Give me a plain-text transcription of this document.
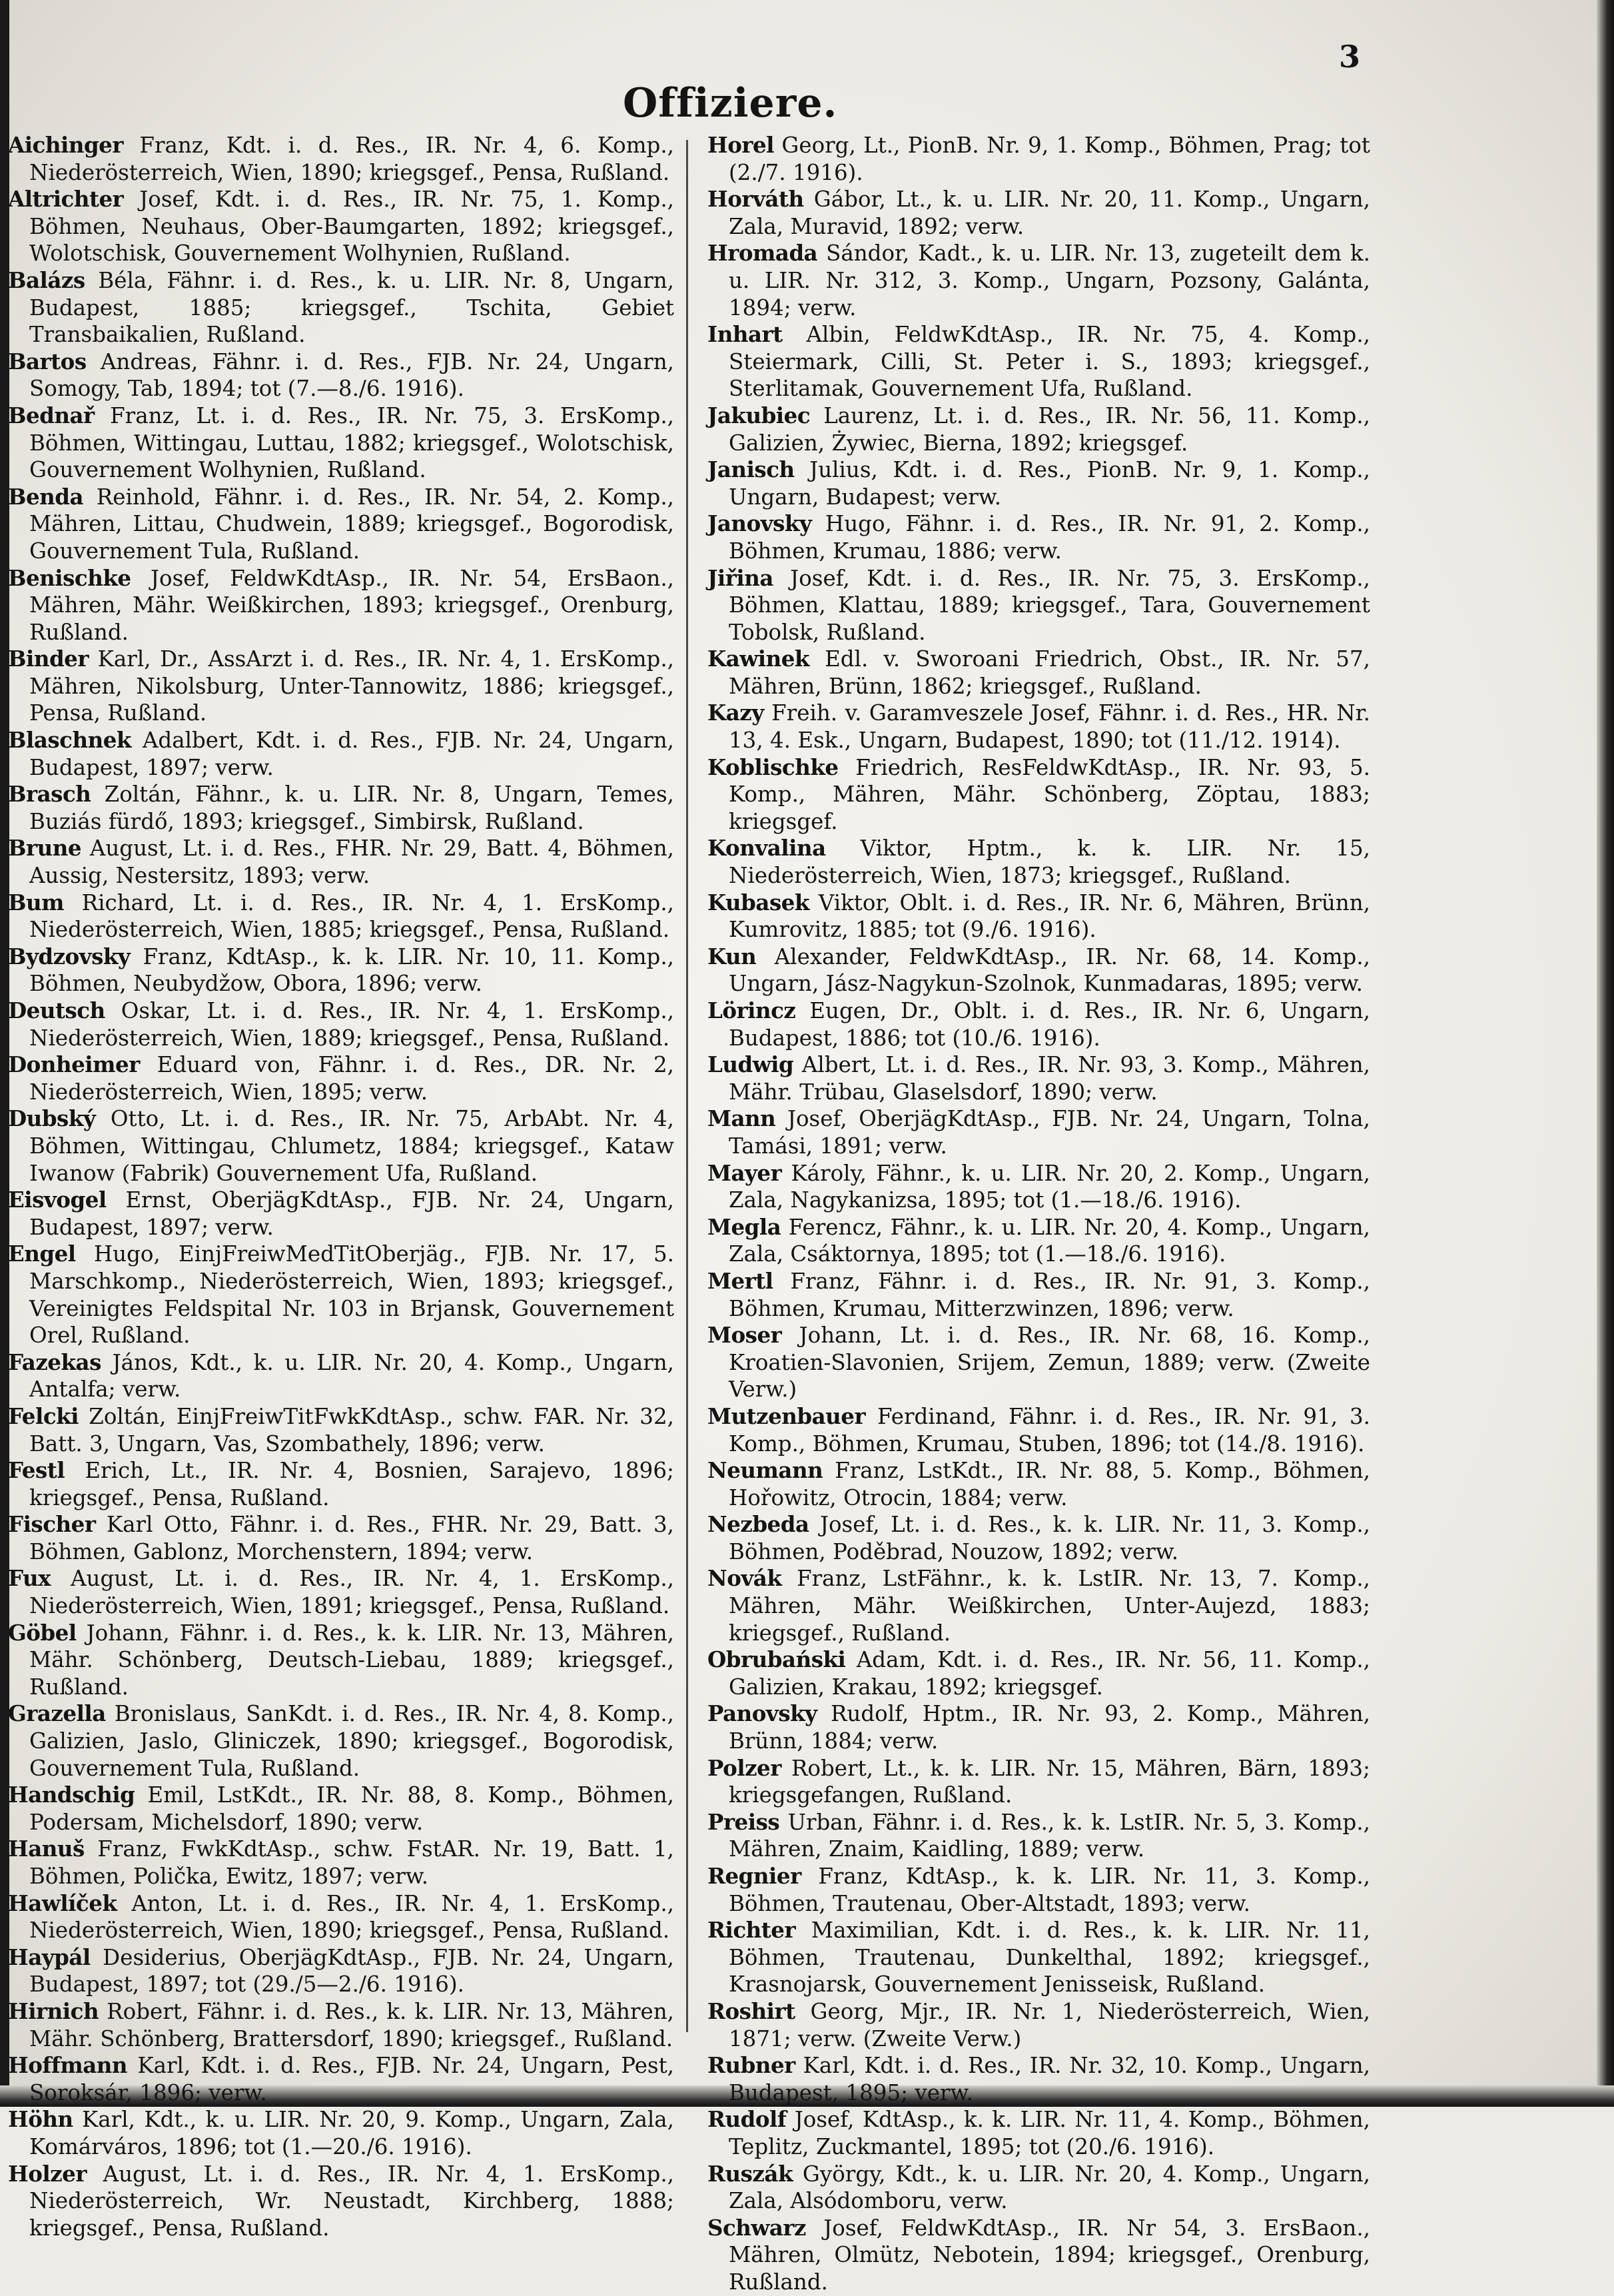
3
Offiziere.
Aichinger Franz, Kdt. i. d. Res., IR. Nr. 4, 6. Komp., Niederösterreich, Wien, 1890; kriegsgef., Pensa, Rußland.
Altrichter Josef, Kdt. i. d. Res., IR. Nr. 75, 1. Komp., Böhmen, Neuhaus, Ober-Baumgarten, 1892; kriegsgef., Wolotschisk, Gouvernement Wolhynien, Rußland.
Balázs Béla, Fähnr. i. d. Res., k. u. LIR. Nr. 8, Ungarn, Budapest, 1885; kriegsgef., Tschita, Gebiet Transbaikalien, Rußland.
Bartos Andreas, Fähnr. i. d. Res., FJB. Nr. 24, Ungarn, Somogy, Tab, 1894; tot (7.—8./6. 1916).
Bednař Franz, Lt. i. d. Res., IR. Nr. 75, 3. ErsKomp., Böhmen, Wittingau, Luttau, 1882; kriegsgef., Wolotschisk, Gouvernement Wolhynien, Rußland.
Benda Reinhold, Fähnr. i. d. Res., IR. Nr. 54, 2. Komp., Mähren, Littau, Chudwein, 1889; kriegsgef., Bogorodisk, Gouvernement Tula, Rußland.
Benischke Josef, FeldwKdtAsp., IR. Nr. 54, ErsBaon., Mähren, Mähr. Weißkirchen, 1893; kriegsgef., Orenburg, Rußland.
Binder Karl, Dr., AssArzt i. d. Res., IR. Nr. 4, 1. ErsKomp., Mähren, Nikolsburg, Unter-Tannowitz, 1886; kriegsgef., Pensa, Rußland.
Blaschnek Adalbert, Kdt. i. d. Res., FJB. Nr. 24, Ungarn, Budapest, 1897; verw.
Brasch Zoltán, Fähnr., k. u. LIR. Nr. 8, Ungarn, Temes, Buziás fürdő, 1893; kriegsgef., Simbirsk, Rußland.
Brune August, Lt. i. d. Res., FHR. Nr. 29, Batt. 4, Böhmen, Aussig, Nestersitz, 1893; verw.
Bum Richard, Lt. i. d. Res., IR. Nr. 4, 1. ErsKomp., Niederösterreich, Wien, 1885; kriegsgef., Pensa, Rußland.
Bydzovsky Franz, KdtAsp., k. k. LIR. Nr. 10, 11. Komp., Böhmen, Neubydžow, Obora, 1896; verw.
Deutsch Oskar, Lt. i. d. Res., IR. Nr. 4, 1. ErsKomp., Niederösterreich, Wien, 1889; kriegsgef., Pensa, Rußland.
Donheimer Eduard von, Fähnr. i. d. Res., DR. Nr. 2, Niederösterreich, Wien, 1895; verw.
Dubský Otto, Lt. i. d. Res., IR. Nr. 75, ArbAbt. Nr. 4, Böhmen, Wittingau, Chlumetz, 1884; kriegsgef., Kataw Iwanow (Fabrik) Gouvernement Ufa, Rußland.
Eisvogel Ernst, OberjägKdtAsp., FJB. Nr. 24, Ungarn, Budapest, 1897; verw.
Engel Hugo, EinjFreiwMedTitOberjäg., FJB. Nr. 17, 5. Marschkomp., Niederösterreich, Wien, 1893; kriegsgef., Vereinigtes Feldspital Nr. 103 in Brjansk, Gouvernement Orel, Rußland.
Fazekas János, Kdt., k. u. LIR. Nr. 20, 4. Komp., Ungarn, Antalfa; verw.
Felcki Zoltán, EinjFreiwTitFwkKdtAsp., schw. FAR. Nr. 32, Batt. 3, Ungarn, Vas, Szombathely, 1896; verw.
Festl Erich, Lt., IR. Nr. 4, Bosnien, Sarajevo, 1896; kriegsgef., Pensa, Rußland.
Fischer Karl Otto, Fähnr. i. d. Res., FHR. Nr. 29, Batt. 3, Böhmen, Gablonz, Morchenstern, 1894; verw.
Fux August, Lt. i. d. Res., IR. Nr. 4, 1. ErsKomp., Niederösterreich, Wien, 1891; kriegsgef., Pensa, Rußland.
Göbel Johann, Fähnr. i. d. Res., k. k. LIR. Nr. 13, Mähren, Mähr. Schönberg, Deutsch-Liebau, 1889; kriegsgef., Rußland.
Grazella Bronislaus, SanKdt. i. d. Res., IR. Nr. 4, 8. Komp., Galizien, Jaslo, Gliniczek, 1890; kriegsgef., Bogorodisk, Gouvernement Tula, Rußland.
Handschig Emil, LstKdt., IR. Nr. 88, 8. Komp., Böhmen, Podersam, Michelsdorf, 1890; verw.
Hanuš Franz, FwkKdtAsp., schw. FstAR. Nr. 19, Batt. 1, Böhmen, Polička, Ewitz, 1897; verw.
Hawlíček Anton, Lt. i. d. Res., IR. Nr. 4, 1. ErsKomp., Niederösterreich, Wien, 1890; kriegsgef., Pensa, Rußland.
Haypál Desiderius, OberjägKdtAsp., FJB. Nr. 24, Ungarn, Budapest, 1897; tot (29./5—2./6. 1916).
Hirnich Robert, Fähnr. i. d. Res., k. k. LIR. Nr. 13, Mähren, Mähr. Schönberg, Brattersdorf, 1890; kriegsgef., Rußland.
Hoffmann Karl, Kdt. i. d. Res., FJB. Nr. 24, Ungarn, Pest, Soroksár, 1896; verw.
Höhn Karl, Kdt., k. u. LIR. Nr. 20, 9. Komp., Ungarn, Zala, Komárváros, 1896; tot (1.—20./6. 1916).
Holzer August, Lt. i. d. Res., IR. Nr. 4, 1. ErsKomp., Niederösterreich, Wr. Neustadt, Kirchberg, 1888; kriegsgef., Pensa, Rußland.
Horel Georg, Lt., PionB. Nr. 9, 1. Komp., Böhmen, Prag; tot (2./7. 1916).
Horváth Gábor, Lt., k. u. LIR. Nr. 20, 11. Komp., Ungarn, Zala, Muravid, 1892; verw.
Hromada Sándor, Kadt., k. u. LIR. Nr. 13, zugeteilt dem k. u. LIR. Nr. 312, 3. Komp., Ungarn, Pozsony, Galánta, 1894; verw.
Inhart Albin, FeldwKdtAsp., IR. Nr. 75, 4. Komp., Steiermark, Cilli, St. Peter i. S., 1893; kriegsgef., Sterlitamak, Gouvernement Ufa, Rußland.
Jakubiec Laurenz, Lt. i. d. Res., IR. Nr. 56, 11. Komp., Galizien, Żywiec, Bierna, 1892; kriegsgef.
Janisch Julius, Kdt. i. d. Res., PionB. Nr. 9, 1. Komp., Ungarn, Budapest; verw.
Janovsky Hugo, Fähnr. i. d. Res., IR. Nr. 91, 2. Komp., Böhmen, Krumau, 1886; verw.
Jiřina Josef, Kdt. i. d. Res., IR. Nr. 75, 3. ErsKomp., Böhmen, Klattau, 1889; kriegsgef., Tara, Gouvernement Tobolsk, Rußland.
Kawinek Edl. v. Sworoani Friedrich, Obst., IR. Nr. 57, Mähren, Brünn, 1862; kriegsgef., Rußland.
Kazy Freih. v. Garamveszele Josef, Fähnr. i. d. Res., HR. Nr. 13, 4. Esk., Ungarn, Budapest, 1890; tot (11./12. 1914).
Koblischke Friedrich, ResFeldwKdtAsp., IR. Nr. 93, 5. Komp., Mähren, Mähr. Schönberg, Zöptau, 1883; kriegsgef.
Konvalina Viktor, Hptm., k. k. LIR. Nr. 15, Niederösterreich, Wien, 1873; kriegsgef., Rußland.
Kubasek Viktor, Oblt. i. d. Res., IR. Nr. 6, Mähren, Brünn, Kumrovitz, 1885; tot (9./6. 1916).
Kun Alexander, FeldwKdtAsp., IR. Nr. 68, 14. Komp., Ungarn, Jász-Nagykun-Szolnok, Kunmadaras, 1895; verw.
Lörincz Eugen, Dr., Oblt. i. d. Res., IR. Nr. 6, Ungarn, Budapest, 1886; tot (10./6. 1916).
Ludwig Albert, Lt. i. d. Res., IR. Nr. 93, 3. Komp., Mähren, Mähr. Trübau, Glaselsdorf, 1890; verw.
Mann Josef, OberjägKdtAsp., FJB. Nr. 24, Ungarn, Tolna, Tamási, 1891; verw.
Mayer Károly, Fähnr., k. u. LIR. Nr. 20, 2. Komp., Ungarn, Zala, Nagykanizsa, 1895; tot (1.—18./6. 1916).
Megla Ferencz, Fähnr., k. u. LIR. Nr. 20, 4. Komp., Ungarn, Zala, Csáktornya, 1895; tot (1.—18./6. 1916).
Mertl Franz, Fähnr. i. d. Res., IR. Nr. 91, 3. Komp., Böhmen, Krumau, Mitterzwinzen, 1896; verw.
Moser Johann, Lt. i. d. Res., IR. Nr. 68, 16. Komp., Kroatien-Slavonien, Srijem, Zemun, 1889; verw. (Zweite Verw.)
Mutzenbauer Ferdinand, Fähnr. i. d. Res., IR. Nr. 91, 3. Komp., Böhmen, Krumau, Stuben, 1896; tot (14./8. 1916).
Neumann Franz, LstKdt., IR. Nr. 88, 5. Komp., Böhmen, Hořowitz, Otrocin, 1884; verw.
Nezbeda Josef, Lt. i. d. Res., k. k. LIR. Nr. 11, 3. Komp., Böhmen, Poděbrad, Nouzow, 1892; verw.
Novák Franz, LstFähnr., k. k. LstIR. Nr. 13, 7. Komp., Mähren, Mähr. Weißkirchen, Unter-Aujezd, 1883; kriegsgef., Rußland.
Obrubański Adam, Kdt. i. d. Res., IR. Nr. 56, 11. Komp., Galizien, Krakau, 1892; kriegsgef.
Panovsky Rudolf, Hptm., IR. Nr. 93, 2. Komp., Mähren, Brünn, 1884; verw.
Polzer Robert, Lt., k. k. LIR. Nr. 15, Mähren, Bärn, 1893; kriegsgefangen, Rußland.
Preiss Urban, Fähnr. i. d. Res., k. k. LstIR. Nr. 5, 3. Komp., Mähren, Znaim, Kaidling, 1889; verw.
Regnier Franz, KdtAsp., k. k. LIR. Nr. 11, 3. Komp., Böhmen, Trautenau, Ober-Altstadt, 1893; verw.
Richter Maximilian, Kdt. i. d. Res., k. k. LIR. Nr. 11, Böhmen, Trautenau, Dunkelthal, 1892; kriegsgef., Krasnojarsk, Gouvernement Jenisseisk, Rußland.
Roshirt Georg, Mjr., IR. Nr. 1, Niederösterreich, Wien, 1871; verw. (Zweite Verw.)
Rubner Karl, Kdt. i. d. Res., IR. Nr. 32, 10. Komp., Ungarn, Budapest, 1895; verw.
Rudolf Josef, KdtAsp., k. k. LIR. Nr. 11, 4. Komp., Böhmen, Teplitz, Zuckmantel, 1895; tot (20./6. 1916).
Ruszák György, Kdt., k. u. LIR. Nr. 20, 4. Komp., Ungarn, Zala, Alsódomboru, verw.
Schwarz Josef, FeldwKdtAsp., IR. Nr 54, 3. ErsBaon., Mähren, Olmütz, Nebotein, 1894; kriegsgef., Orenburg, Rußland.
